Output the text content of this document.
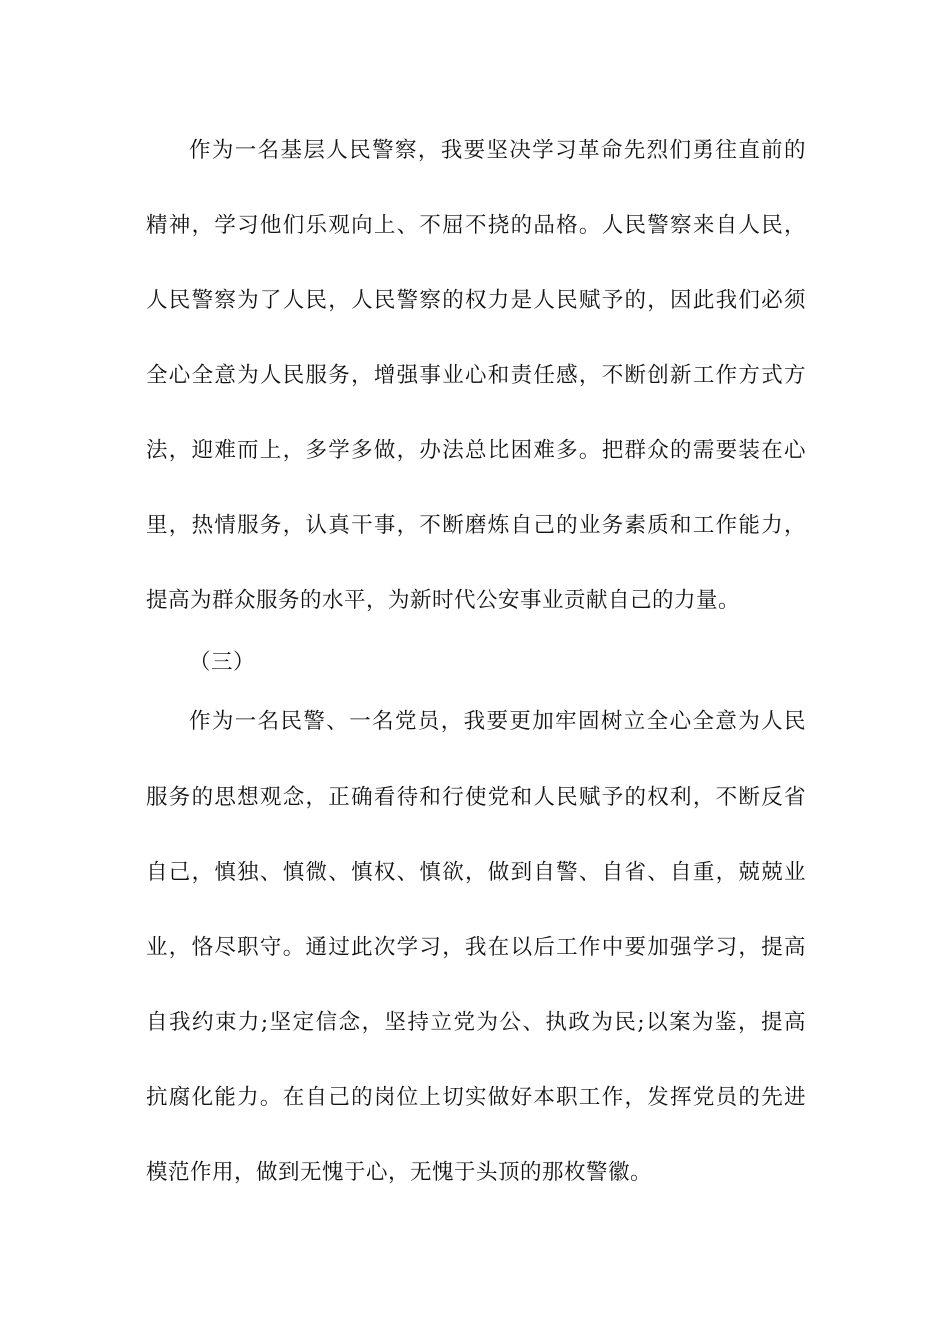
作为一名基层人民警察，我要坚决学习革命先烈们勇往直前的
精神，学习他们乐观向上、不屈不挠的品格。人民警察来自人民，
人民警察为了人民，人民警察的权力是人民赋予的，因此我们必须
全心全意为人民服务，增强事业心和责任感，不断创新工作方式方
法，迎难而上，多学多做，办法总比困难多。把群众的需要装在心
里，热情服务，认真干事，不断磨炼自己的业务素质和工作能力，
提高为群众服务的水平，为新时代公安事业贡献自己的力量。
（三）
作为一名民警、一名党员，我要更加牢固树立全心全意为人民
服务的思想观念，正确看待和行使党和人民赋予的权利，不断反省
自己，慎独、慎微、慎权、慎欲，做到自警、自省、自重，兢兢业
业，恪尽职守。通过此次学习，我在以后工作中要加强学习，提高
自我约束力;坚定信念，坚持立党为公、执政为民;以案为鉴，提高
抗腐化能力。在自己的岗位上切实做好本职工作，发挥党员的先进
模范作用，做到无愧于心，无愧于头顶的那枚警徽。
